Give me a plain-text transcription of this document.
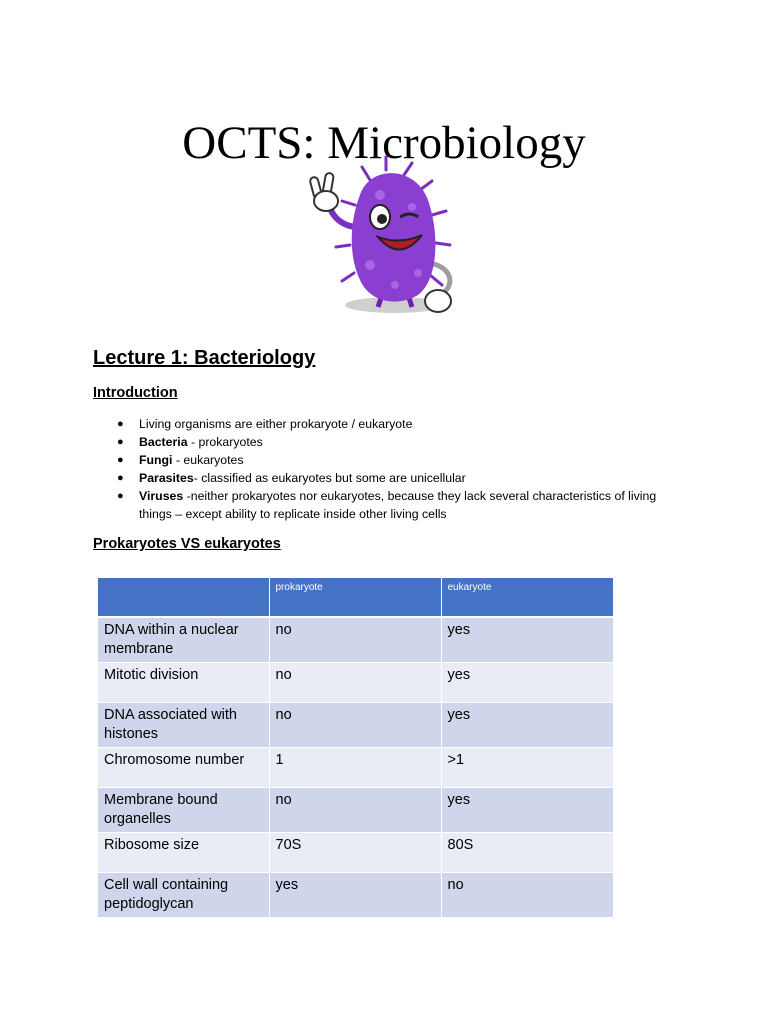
OCTS: Microbiology
Lecture 1: Bacteriology
Introduction
● Living organisms are either prokaryote / eukaryote
● Bacteria - prokaryotes
● Fungi - eukaryotes
● Parasites- classified as eukaryotes but some are unicellular
● Viruses -neither prokaryotes nor eukaryotes, because they lack several characteristics of living things – except ability to replicate inside other living cells
Prokaryotes VS eukaryotes
	prokaryote	eukaryote
DNA within a nuclear membrane	no	yes
Mitotic division	no	yes
DNA associated with histones	no	yes
Chromosome number	1	>1
Membrane bound organelles	no	yes
Ribosome size	70S	80S
Cell wall containing peptidoglycan	yes	no
